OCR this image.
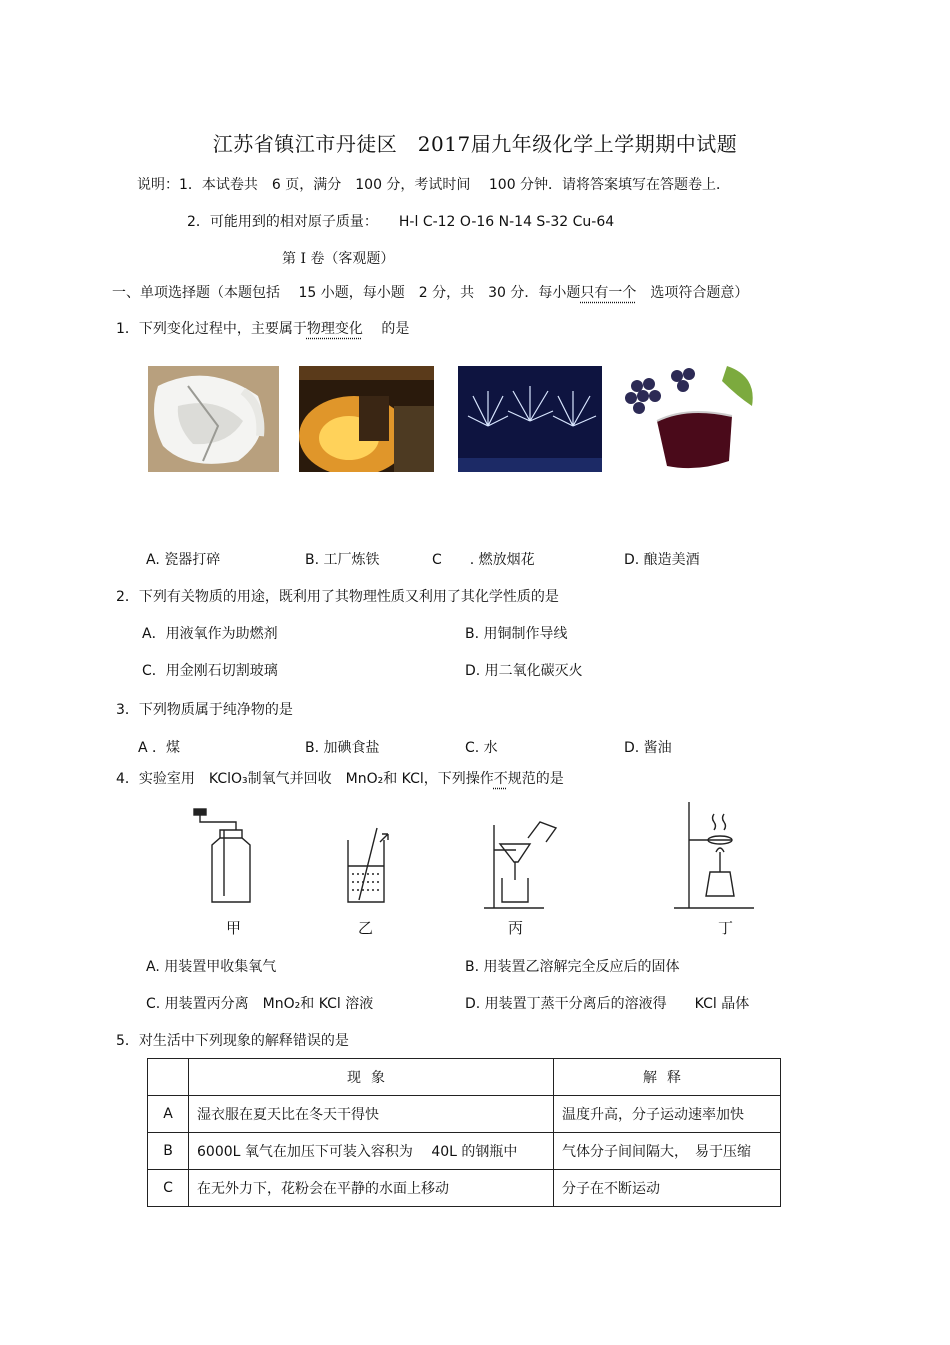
江苏省镇江市丹徒区　2017届九年级化学上学期期中试题
说明：1．本试卷共　6 页，满分　100 分，考试时间　 100 分钟．请将答案填写在答题卷上．
2．可能用到的相对原子质量：　　H-l C-12 O-16 N-14 S-32 Cu-64
第 I 卷（客观题）
一、单项选择题（本题包括　 15 小题，每小题　2 分，共　30 分．每小题只有一个　选项符合题意）
1．下列变化过程中，主要属于物理变化　 的是
A. 瓷器打碎	B. 工厂炼铁	C　　. 燃放烟花	D. 酿造美酒
2．下列有关物质的用途，既利用了其物理性质又利用了其化学性质的是
A．用液氧作为助燃剂	B. 用铜制作导线
C．用金刚石切割玻璃	D. 用二氧化碳灭火
3．下列物质属于纯净物的是
A ．煤	B. 加碘食盐	C. 水	D. 酱油
4．实验室用　KClO₃制氧气并回收　MnO₂和 KCl，下列操作不规范的是
甲	乙	丙	丁
A. 用装置甲收集氧气	B. 用装置乙溶解完全反应后的固体
C. 用装置丙分离　MnO₂和 KCl 溶液	D. 用装置丁蒸干分离后的溶液得　　KCl 晶体
5．对生活中下列现象的解释错误的是
	现象	解释
A	湿衣服在夏天比在冬天干得快	温度升高，分子运动速率加快
B	6000L 氧气在加压下可装入容积为　 40L 的钢瓶中	气体分子间间隔大，　易于压缩
C	在无外力下，花粉会在平静的水面上移动	分子在不断运动
